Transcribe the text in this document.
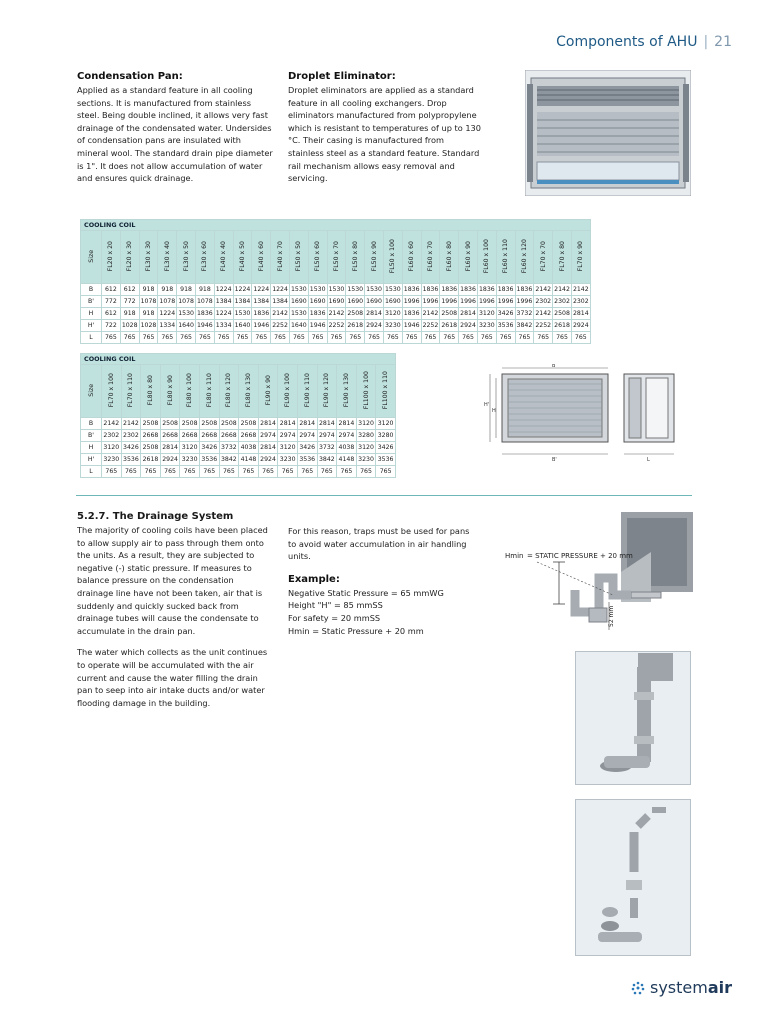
Components of AHU | 21
Condensation Pan:
Applied as a standard feature in all cooling sections. It is manufactured from stainless steel. Being double inclined, it allows very fast drainage of the condensated water. Undersides of condensation pans are insulated with mineral wool. The standard drain pipe diameter is 1". It does not allow accumulation of water and ensures quick drainage.
Droplet Eliminator:
Droplet eliminators are applied as a standard feature in all cooling exchangers. Drop eliminators manufactured from polypropylene which is resistant to temperatures of up to 130 °C. Their casing is manufactured from stainless steel as a standard feature. Standard rail mechanism allows easy removal and servicing.
COOLING COIL																										
Size	FL20 x 20	FL20 x 30	FL30 x 30	FL30 x 40	FL30 x 50	FL30 x 60	FL40 x 40	FL40 x 50	FL40 x 60	FL40 x 70	FL50 x 50	FL50 x 60	FL50 x 70	FL50 x 80	FL50 x 90	FL50 x 100	FL60 x 60	FL60 x 70	FL60 x 80	FL60 x 90	FL60 x 100	FL60 x 110	FL60 x 120	FL70 x 70	FL70 x 80	FL70 x 90
B	612	612	918	918	918	918	1224	1224	1224	1224	1530	1530	1530	1530	1530	1530	1836	1836	1836	1836	1836	1836	1836	2142	2142	2142
B'	772	772	1078	1078	1078	1078	1384	1384	1384	1384	1690	1690	1690	1690	1690	1690	1996	1996	1996	1996	1996	1996	1996	2302	2302	2302
H	612	918	918	1224	1530	1836	1224	1530	1836	2142	1530	1836	2142	2508	2814	3120	1836	2142	2508	2814	3120	3426	3732	2142	2508	2814
H'	722	1028	1028	1334	1640	1946	1334	1640	1946	2252	1640	1946	2252	2618	2924	3230	1946	2252	2618	2924	3230	3536	3842	2252	2618	2924
L	765	765	765	765	765	765	765	765	765	765	765	765	765	765	765	765	765	765	765	765	765	765	765	765	765	765
COOLING COIL															
Size	FL70 x 100	FL70 x 110	FL80 x 80	FL80 x 90	FL80 x 100	FL80 x 110	FL80 x 120	FL80 x 130	FL90 x 90	FL90 x 100	FL90 x 110	FL90 x 120	FL90 x 130	FL100 x 100	FL100 x 110
B	2142	2142	2508	2508	2508	2508	2508	2508	2814	2814	2814	2814	2814	3120	3120
B'	2302	2302	2668	2668	2668	2668	2668	2668	2974	2974	2974	2974	2974	3280	3280
H	3120	3426	2508	2814	3120	3426	3732	4038	2814	3120	3426	3732	4038	3120	3426
H'	3230	3536	2618	2924	3230	3536	3842	4148	2924	3230	3536	3842	4148	3230	3536
L	765	765	765	765	765	765	765	765	765	765	765	765	765	765	765
B
H'
H
B'	L
5.2.7. The Drainage System
The majority of cooling coils have been placed to allow supply air to pass through them onto the units. As a result, they are subjected to negative (-) static pressure. If measures to balance pressure on the condensation drainage line have not been taken, air that is suddenly and quickly sucked back from drainage tubes will cause the condensate to accumulate in the drain pan.
The water which collects as the unit continues to operate will be accumulated with the air current and cause the water filling the drain pan to seep into air intake ducts and/or water flooding damage in the building.
For this reason, traps must be used for pans to avoid water accumulation in air handling units.
Example:
Negative Static Pressure = 65 mmWG
Height "H" = 85 mmSS
For safety = 20 mmSS
Hmin = Static Pressure + 20 mm
Hmin = STATIC PRESSURE + 20 mm
52 mm
systemair
